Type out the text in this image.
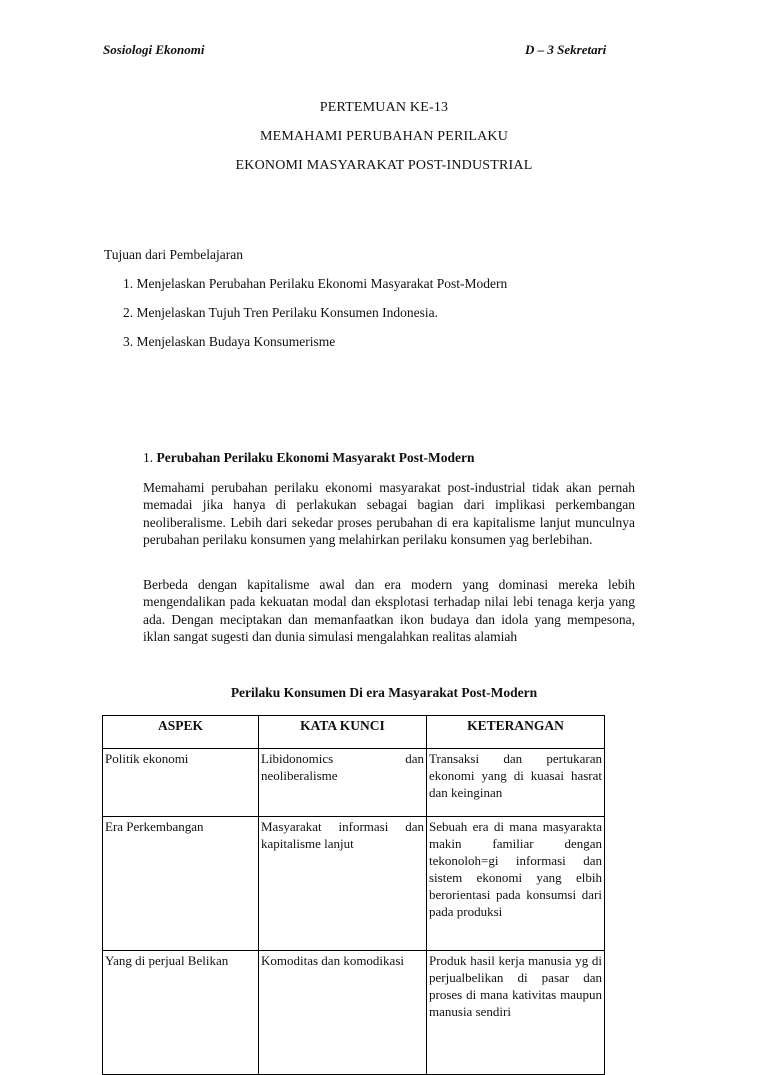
Sosiologi Ekonomi	D – 3 Sekretari

PERTEMUAN KE-13

MEMAHAMI PERUBAHAN PERILAKU

EKONOMI MASYARAKAT POST-INDUSTRIAL

Tujuan dari Pembelajaran

1. Menjelaskan Perubahan Perilaku Ekonomi Masyarakat Post-Modern

2. Menjelaskan Tujuh Tren Perilaku Konsumen Indonesia.

3. Menjelaskan Budaya Konsumerisme

1. Perubahan Perilaku Ekonomi Masyarakt Post-Modern

Memahami perubahan perilaku ekonomi masyarakat post-industrial tidak akan pernah memadai jika hanya di perlakukan sebagai bagian dari implikasi perkembangan neoliberalisme. Lebih dari sekedar proses perubahan di era kapitalisme lanjut munculnya perubahan perilaku konsumen yang melahirkan perilaku konsumen yag berlebihan.

Berbeda dengan kapitalisme awal dan era modern yang dominasi mereka lebih mengendalikan pada kekuatan modal dan eksplotasi terhadap nilai lebi tenaga kerja yang ada. Dengan meciptakan dan memanfaatkan ikon budaya dan idola yang mempesona, iklan sangat sugesti dan dunia simulasi mengalahkan realitas alamiah

Perilaku Konsumen Di era Masyarakat Post-Modern

ASPEK	KATA KUNCI	KETERANGAN
Politik ekonomi	Libidonomics dan neoliberalisme	Transaksi dan pertukaran ekonomi yang di kuasai hasrat dan keinginan
Era Perkembangan	Masyarakat informasi dan kapitalisme lanjut	Sebuah era di mana masyarakta makin familiar dengan tekonoloh=gi informasi dan sistem ekonomi yang elbih berorientasi pada konsumsi dari pada produksi
Yang di perjual Belikan	Komoditas dan komodikasi	Produk hasil kerja manusia yg di perjualbelikan di pasar dan proses di mana kativitas maupun manusia sendiri
